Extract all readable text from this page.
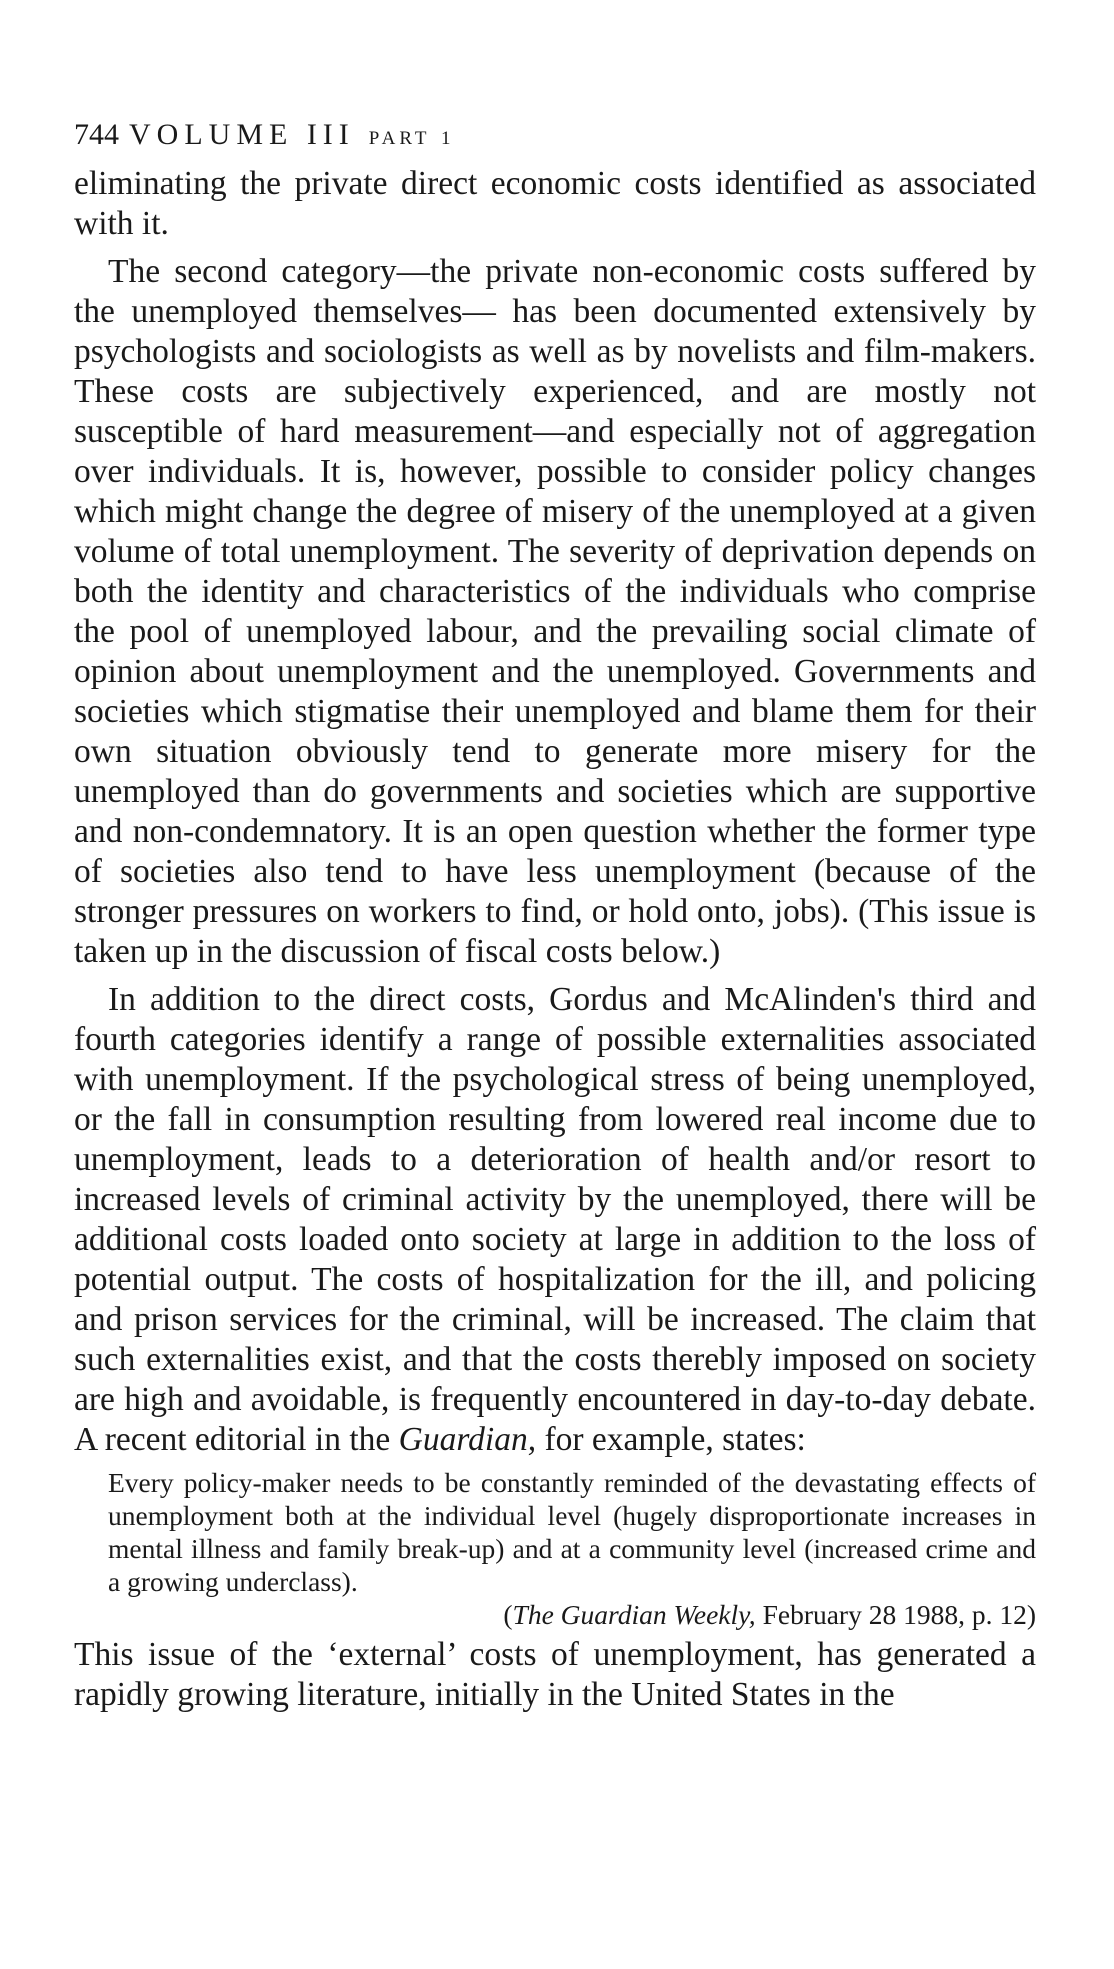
744 VOLUME III PART 1

eliminating the private direct economic costs identified as associated with it.

The second category—the private non-economic costs suffered by the unemployed themselves— has been documented extensively by psychologists and sociologists as well as by novelists and film-makers. These costs are subjectively experienced, and are mostly not susceptible of hard measurement—and especially not of aggregation over individuals. It is, however, possible to consider policy changes which might change the degree of misery of the unemployed at a given volume of total unemployment. The severity of deprivation depends on both the identity and characteristics of the individuals who comprise the pool of unemployed labour, and the prevailing social climate of opinion about unemployment and the unemployed. Governments and societies which stigmatise their unemployed and blame them for their own situation obviously tend to generate more misery for the unemployed than do governments and societies which are supportive and non-condemnatory. It is an open question whether the former type of societies also tend to have less unemployment (because of the stronger pressures on workers to find, or hold onto, jobs). (This issue is taken up in the discussion of fiscal costs below.)

In addition to the direct costs, Gordus and McAlinden's third and fourth categories identify a range of possible externalities associated with unemployment. If the psychological stress of being unemployed, or the fall in consumption resulting from lowered real income due to unemployment, leads to a deterioration of health and/or resort to increased levels of criminal activity by the unemployed, there will be additional costs loaded onto society at large in addition to the loss of potential output. The costs of hospitalization for the ill, and policing and prison services for the criminal, will be increased. The claim that such externalities exist, and that the costs therebly imposed on society are high and avoidable, is frequently encountered in day-to-day debate. A recent editorial in the Guardian, for example, states:

Every policy-maker needs to be constantly reminded of the devastating effects of unemployment both at the individual level (hugely disproportionate increases in mental illness and family break-up) and at a community level (increased crime and a growing underclass).
(The Guardian Weekly, February 28 1988, p. 12)

This issue of the ‘external’ costs of unemployment, has generated a rapidly growing literature, initially in the United States in the
